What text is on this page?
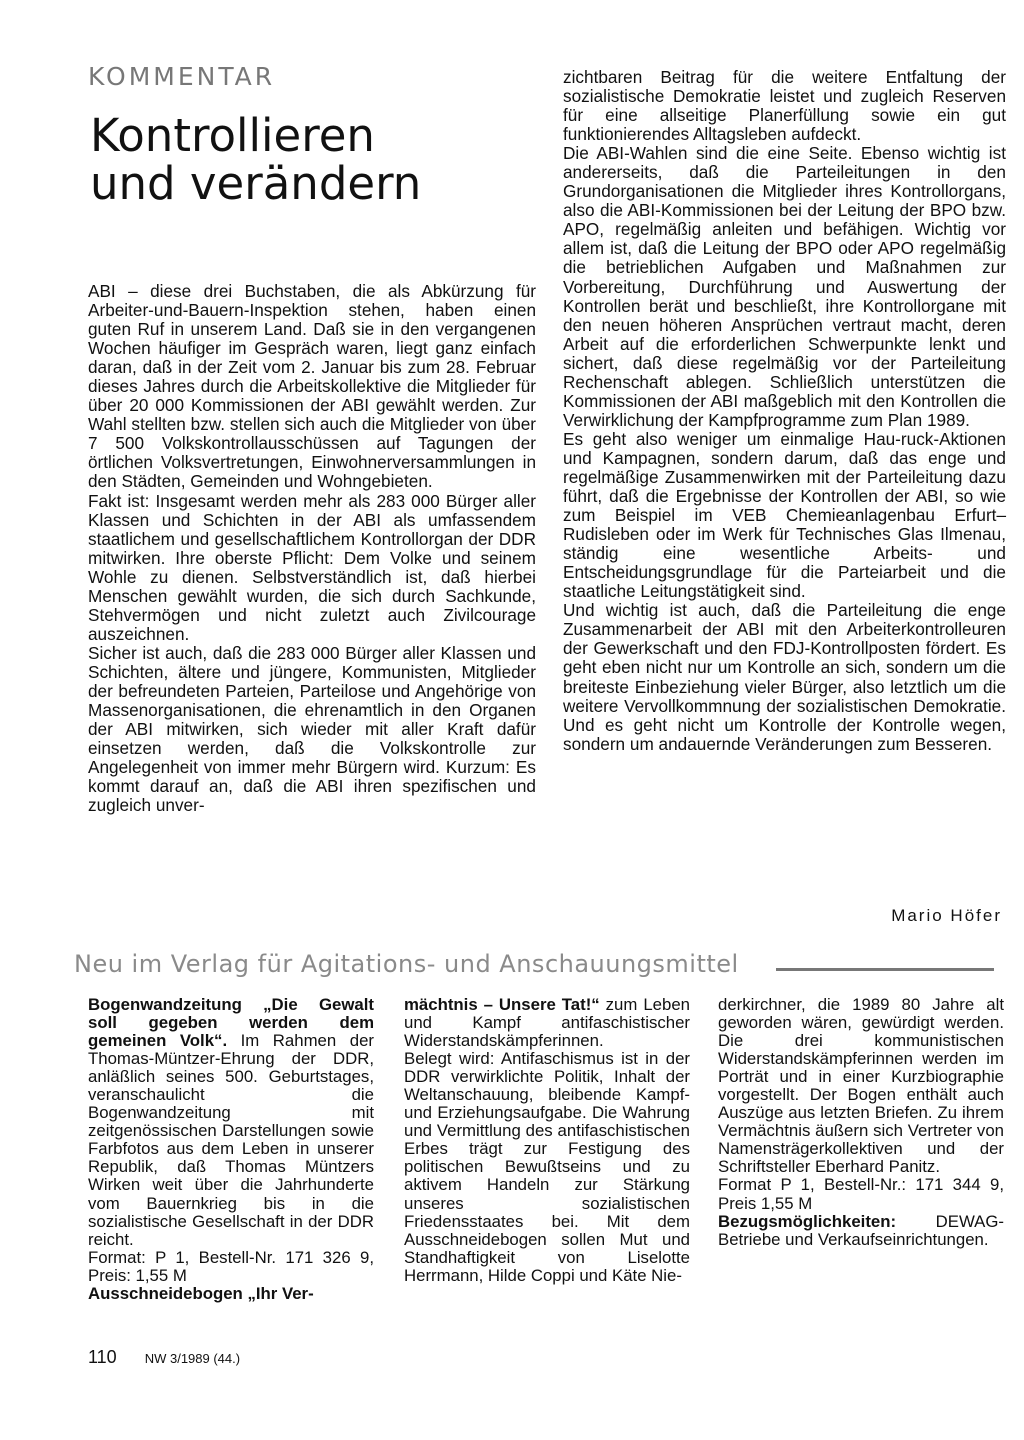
KOMMENTAR
Kontrollieren
und verändern

ABI – diese drei Buchstaben, die als Abkürzung für Arbeiter-und-Bauern-Inspektion stehen, haben einen guten Ruf in unserem Land. Daß sie in den vergangenen Wochen häufiger im Gespräch waren, liegt ganz einfach daran, daß in der Zeit vom 2. Januar bis zum 28. Februar dieses Jahres durch die Arbeitskollektive die Mitglieder für über 20 000 Kommissionen der ABI gewählt werden. Zur Wahl stellten bzw. stellen sich auch die Mitglieder von über 7 500 Volkskontrollausschüssen auf Tagungen der örtlichen Volksvertretungen, Einwohnerversammlungen in den Städten, Gemeinden und Wohngebieten.

Fakt ist: Insgesamt werden mehr als 283 000 Bürger aller Klassen und Schichten in der ABI als umfassendem staatlichem und gesellschaftlichem Kontrollorgan der DDR mitwirken. Ihre oberste Pflicht: Dem Volke und seinem Wohle zu dienen. Selbstverständlich ist, daß hierbei Menschen gewählt wurden, die sich durch Sachkunde, Stehvermögen und nicht zuletzt auch Zivilcourage auszeichnen.

Sicher ist auch, daß die 283 000 Bürger aller Klassen und Schichten, ältere und jüngere, Kommunisten, Mitglieder der befreundeten Parteien, Parteilose und Angehörige von Massenorganisationen, die ehrenamtlich in den Organen der ABI mitwirken, sich wieder mit aller Kraft dafür einsetzen werden, daß die Volkskontrolle zur Angelegenheit von immer mehr Bürgern wird. Kurzum: Es kommt darauf an, daß die ABI ihren spezifischen und zugleich unver-

zichtbaren Beitrag für die weitere Entfaltung der sozialistische Demokratie leistet und zugleich Reserven für eine allseitige Planerfüllung sowie ein gut funktionierendes Alltagsleben aufdeckt.

Die ABI-Wahlen sind die eine Seite. Ebenso wichtig ist andererseits, daß die Parteileitungen in den Grundorganisationen die Mitglieder ihres Kontrollorgans, also die ABI-Kommissionen bei der Leitung der BPO bzw. APO, regelmäßig anleiten und befähigen. Wichtig vor allem ist, daß die Leitung der BPO oder APO regelmäßig die betrieblichen Aufgaben und Maßnahmen zur Vorbereitung, Durchführung und Auswertung der Kontrollen berät und beschließt, ihre Kontrollorgane mit den neuen höheren Ansprüchen vertraut macht, deren Arbeit auf die erforderlichen Schwerpunkte lenkt und sichert, daß diese regelmäßig vor der Parteileitung Rechenschaft ablegen. Schließlich unterstützen die Kommissionen der ABI maßgeblich mit den Kontrollen die Verwirklichung der Kampfprogramme zum Plan 1989.

Es geht also weniger um einmalige Hau-ruck-Aktionen und Kampagnen, sondern darum, daß das enge und regelmäßige Zusammenwirken mit der Parteileitung dazu führt, daß die Ergebnisse der Kontrollen der ABI, so wie zum Beispiel im VEB Chemieanlagenbau Erfurt–Rudisleben oder im Werk für Technisches Glas Ilmenau, ständig eine wesentliche Arbeits- und Entscheidungsgrundlage für die Parteiarbeit und die staatliche Leitungstätigkeit sind.

Und wichtig ist auch, daß die Parteileitung die enge Zusammenarbeit der ABI mit den Arbeiterkontrolleuren der Gewerkschaft und den FDJ-Kontrollposten fördert. Es geht eben nicht nur um Kontrolle an sich, sondern um die breiteste Einbeziehung vieler Bürger, also letztlich um die weitere Vervollkommnung der sozialistischen Demokratie. Und es geht nicht um Kontrolle der Kontrolle wegen, sondern um andauernde Veränderungen zum Besseren.

Mario Höfer
Neu im Verlag für Agitations- und Anschauungsmittel

Bogenwandzeitung „Die Gewalt soll gegeben werden dem gemeinen Volk“. Im Rahmen der Thomas-Müntzer-Ehrung der DDR, anläßlich seines 500. Geburtstages, veranschaulicht die Bogenwandzeitung mit zeitgenössischen Darstellungen sowie Farbfotos aus dem Leben in unserer Republik, daß Thomas Müntzers Wirken weit über die Jahrhunderte vom Bauernkrieg bis in die sozialistische Gesellschaft in der DDR reicht.

Format: P 1, Bestell-Nr. 171 326 9, Preis: 1,55 M

Ausschneidebogen „Ihr Ver-

mächtnis – Unsere Tat!“ zum Leben und Kampf antifaschistischer Widerstandskämpferinnen.

Belegt wird: Antifaschismus ist in der DDR verwirklichte Politik, Inhalt der Weltanschauung, bleibende Kampf- und Erziehungsaufgabe. Die Wahrung und Vermittlung des antifaschistischen Erbes trägt zur Festigung des politischen Bewußtseins und zu aktivem Handeln zur Stärkung unseres sozialistischen Friedensstaates bei. Mit dem Ausschneidebogen sollen Mut und Standhaftigkeit von Liselotte Herrmann, Hilde Coppi und Käte Nie-

derkirchner, die 1989 80 Jahre alt geworden wären, gewürdigt werden. Die drei kommunistischen Widerstandskämpferinnen werden im Porträt und in einer Kurzbiographie vorgestellt. Der Bogen enthält auch Auszüge aus letzten Briefen. Zu ihrem Vermächtnis äußern sich Vertreter von Namensträgerkollektiven und der Schriftsteller Eberhard Panitz.

Format P 1, Bestell-Nr.: 171 344 9, Preis 1,55 M

Bezugsmöglichkeiten: DEWAG-Betriebe und Verkaufseinrichtungen.

110 NW 3/1989 (44.)
